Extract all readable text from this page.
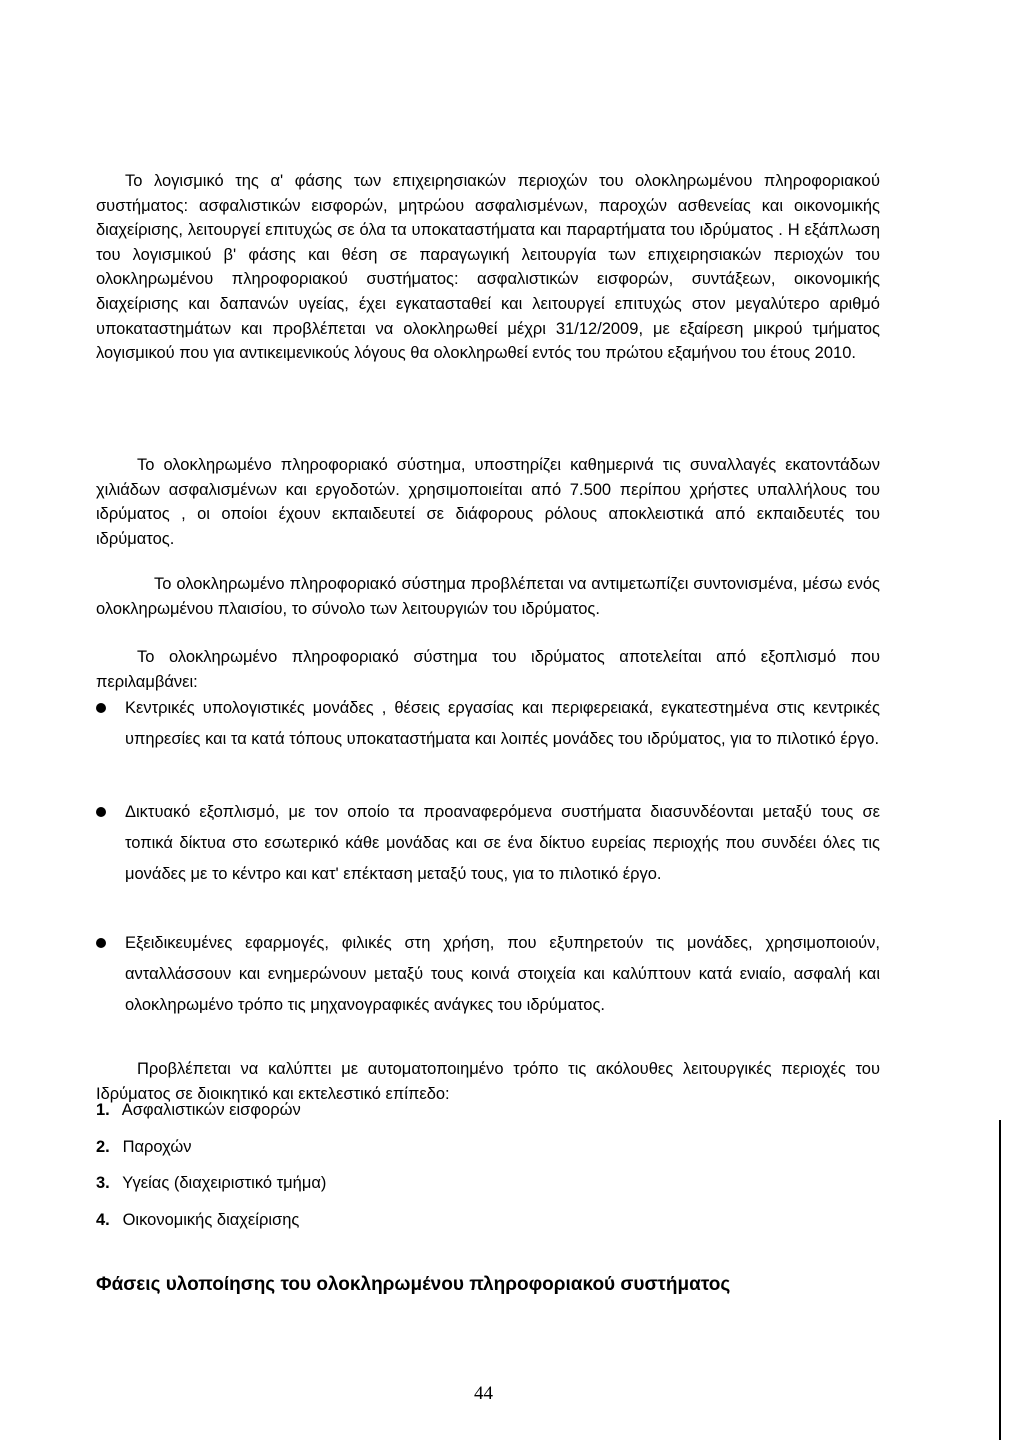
Το λογισμικό της α' φάσης των επιχειρησιακών περιοχών του ολοκληρωμένου πληροφοριακού συστήματος: ασφαλιστικών εισφορών, μητρώου ασφαλισμένων, παροχών ασθενείας και οικονομικής διαχείρισης, λειτουργεί επιτυχώς σε όλα τα υποκαταστήματα και παραρτήματα του ιδρύματος . Η εξάπλωση του λογισμικού β' φάσης και θέση σε παραγωγική λειτουργία των επιχειρησιακών περιοχών του ολοκληρωμένου πληροφοριακού συστήματος: ασφαλιστικών εισφορών, συντάξεων, οικονομικής διαχείρισης και δαπανών υγείας, έχει εγκατασταθεί και λειτουργεί επιτυχώς στον μεγαλύτερο αριθμό υποκαταστημάτων και προβλέπεται να ολοκληρωθεί μέχρι 31/12/2009, με εξαίρεση μικρού τμήματος λογισμικού που για αντικειμενικούς λόγους θα ολοκληρωθεί εντός του πρώτου εξαμήνου του έτους 2010.

Το ολοκληρωμένο πληροφοριακό σύστημα, υποστηρίζει καθημερινά τις συναλλαγές εκατοντάδων χιλιάδων ασφαλισμένων και εργοδοτών. χρησιμοποιείται από 7.500 περίπου χρήστες υπαλλήλους του ιδρύματος , οι οποίοι έχουν εκπαιδευτεί σε διάφορους ρόλους αποκλειστικά από εκπαιδευτές του ιδρύματος.

Το ολοκληρωμένο πληροφοριακό σύστημα προβλέπεται να αντιμετωπίζει συντονισμένα, μέσω ενός ολοκληρωμένου πλαισίου, το σύνολο των λειτουργιών του ιδρύματος.

Το ολοκληρωμένο πληροφοριακό σύστημα του ιδρύματος αποτελείται από εξοπλισμό που περιλαμβάνει:

Κεντρικές υπολογιστικές μονάδες , θέσεις εργασίας και περιφερειακά, εγκατεστημένα στις κεντρικές υπηρεσίες και τα κατά τόπους υποκαταστήματα και λοιπές μονάδες του ιδρύματος, για το πιλοτικό έργο.
Δικτυακό εξοπλισμό, με τον οποίο τα προαναφερόμενα συστήματα διασυνδέονται μεταξύ τους σε τοπικά δίκτυα στο εσωτερικό κάθε μονάδας και σε ένα δίκτυο ευρείας περιοχής που συνδέει όλες τις μονάδες με το κέντρο και κατ' επέκταση μεταξύ τους, για το πιλοτικό έργο.
Εξειδικευμένες εφαρμογές, φιλικές στη χρήση, που εξυπηρετούν τις μονάδες, χρησιμοποιούν, ανταλλάσσουν και ενημερώνουν μεταξύ τους κοινά στοιχεία και καλύπτουν κατά ενιαίο, ασφαλή και ολοκληρωμένο τρόπο τις μηχανογραφικές ανάγκες του ιδρύματος.

Προβλέπεται να καλύπτει με αυτοματοποιημένο τρόπο τις ακόλουθες λειτουργικές περιοχές του Ιδρύματος σε διοικητικό και εκτελεστικό επίπεδο:

1. Ασφαλιστικών εισφορών
2. Παροχών
3. Υγείας (διαχειριστικό τμήμα)
4. Οικονομικής διαχείρισης
Φάσεις υλοποίησης του ολοκληρωμένου πληροφοριακού συστήματος
44
